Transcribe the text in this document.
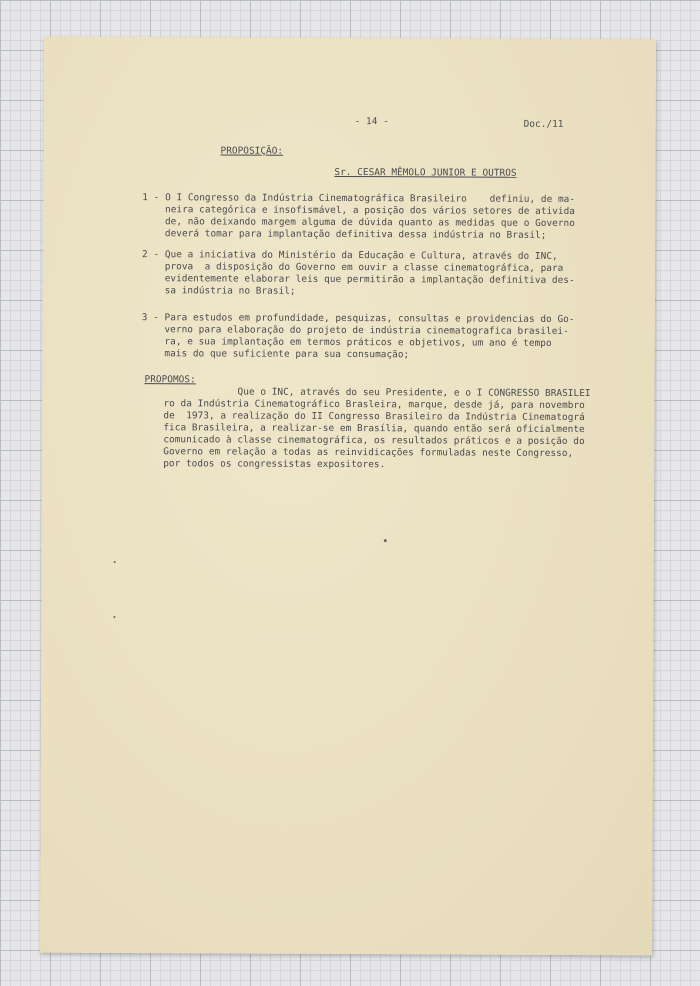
- 14 -	Doc./11
PROPOSIÇÃO:
Sr. CESAR MÊMOLO JUNIOR E OUTROS
1 - O I Congresso da Indústria Cinematográfica Brasileiro    definiu, de ma-
neira categórica e insofismável, a posição dos vários setores de ativida
de, não deixando margem alguma de dúvida quanto as medidas que o Governo
deverá tomar para implantação definitiva dessa indústria no Brasil;
2 - Que a iniciativa do Ministério da Educação e Cultura, através do INC,
prova  a disposição do Governo em ouvir a classe cinematográfica, para
evidentemente elaborar leis que permitirão a implantação definitiva des-
sa indústria no Brasil;
3 - Para estudos em profundidade, pesquizas, consultas e providencias do Go-
verno para elaboração do projeto de indústria cinematografica brasilei-
ra, e sua implantação em termos práticos e objetivos, um ano é tempo
mais do que suficiente para sua consumação;
PROPOMOS:
Que o INC, através do seu Presidente, e o I CONGRESSO BRASILEI
ro da Indústria Cinematográfico Brasleira, marque, desde já, para novembro
de  1973, a realização do II Congresso Brasileiro da Indústria Cinematográ
fica Brasileira, a realizar-se em Brasília, quando então será oficialmente
comunicado à classe cinematográfica, os resultados práticos e a posição do
Governo em relação a todas as reinvidicações formuladas neste Congresso,
por todos os congressistas expositores.
